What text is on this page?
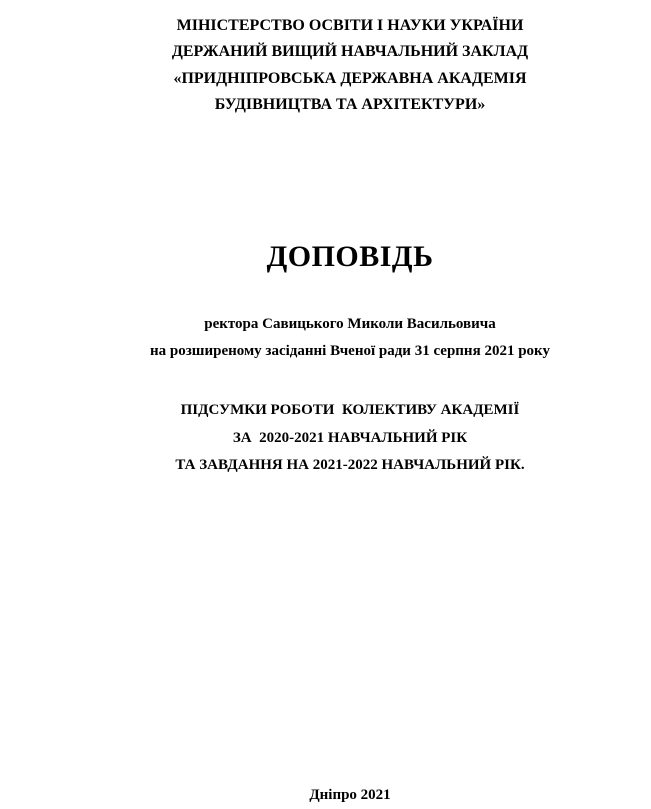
МІНІСТЕРСТВО ОСВІТИ І НАУКИ УКРАЇНИ

ДЕРЖАНИЙ ВИЩИЙ НАВЧАЛЬНИЙ ЗАКЛАД

«ПРИДНІПРОВСЬКА ДЕРЖАВНА АКАДЕМІЯ

БУДІВНИЦТВА ТА АРХІТЕКТУРИ»

ДОПОВІДЬ

ректора Савицького Миколи Васильовича

на розширеному засіданні Вченої ради 31 серпня 2021 року

ПІДСУМКИ РОБОТИ  КОЛЕКТИВУ АКАДЕМІЇ

ЗА  2020-2021 НАВЧАЛЬНИЙ РІК

ТА ЗАВДАННЯ НА 2021-2022 НАВЧАЛЬНИЙ РІК.

Дніпро 2021
